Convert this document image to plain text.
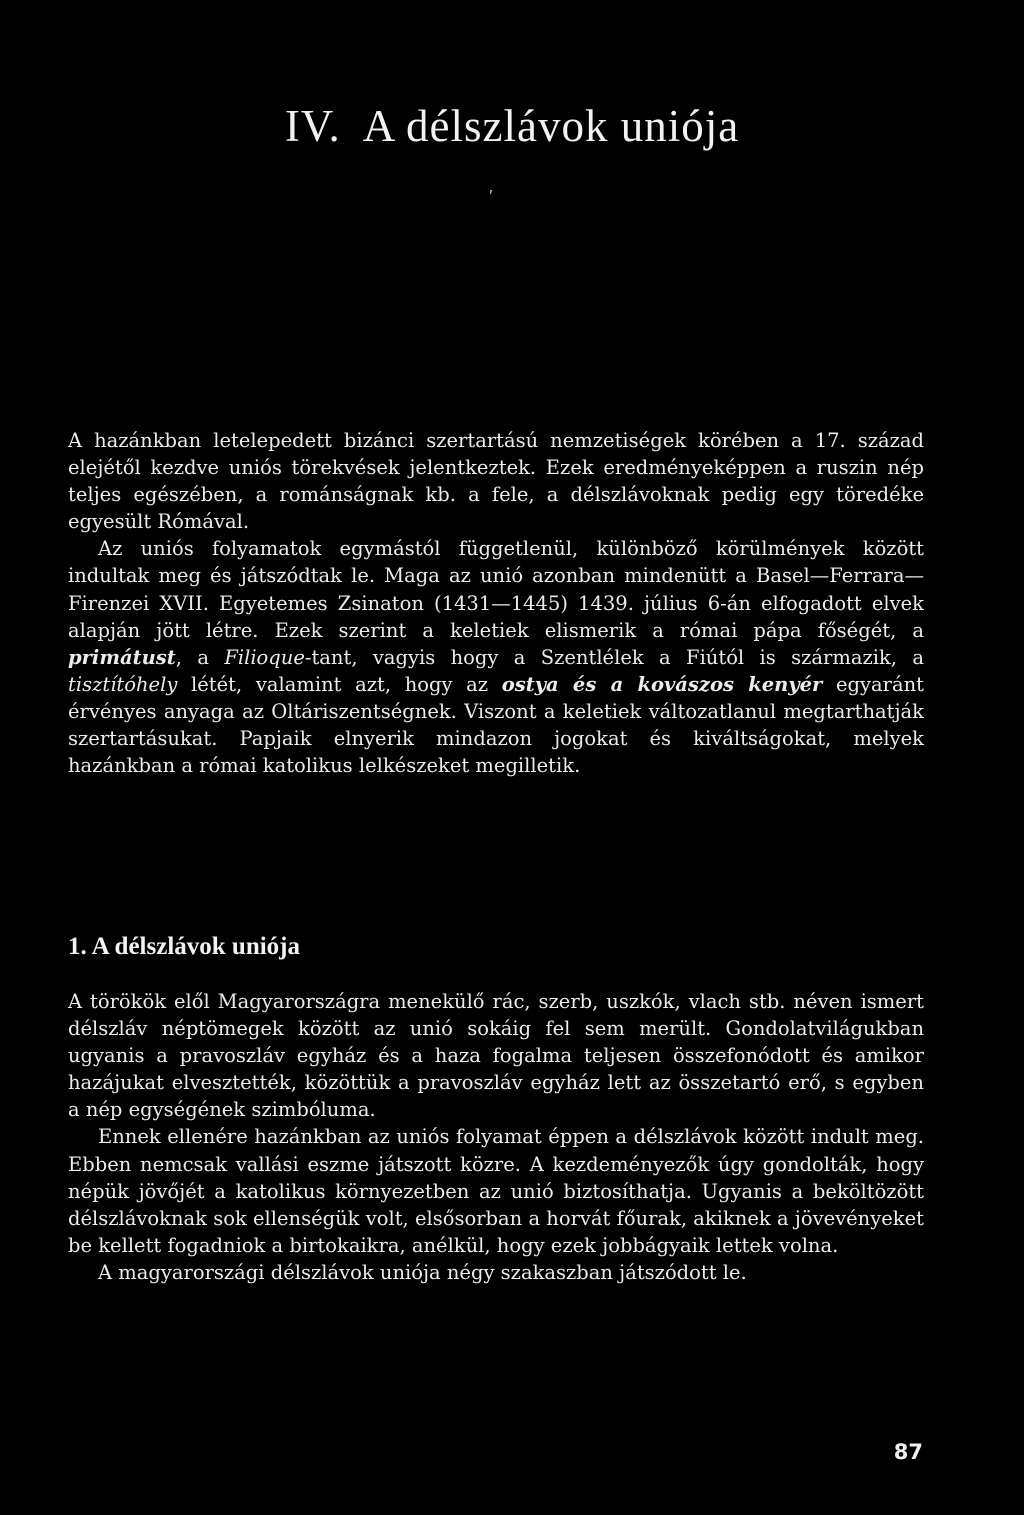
IV. A délszlávok uniója
'

A hazánkban letelepedett bizánci szertartású nemzetiségek körében a 17. század elejétől kezdve uniós törekvések jelentkeztek. Ezek eredményeképpen a ruszin nép teljes egészében, a románságnak kb. a fele, a délszlávoknak pedig egy töredéke egyesült Rómával.

Az uniós folyamatok egymástól függetlenül, különböző körülmények között indultak meg és játszódtak le. Maga az unió azonban mindenütt a Basel—Ferrara—Firenzei XVII. Egyetemes Zsinaton (1431—1445) 1439. július 6-án elfogadott elvek alapján jött létre. Ezek szerint a keletiek elismerik a római pápa főségét, a primátust, a Filioque-tant, vagyis hogy a Szentlélek a Fiútól is származik, a tisztítóhely létét, valamint azt, hogy az ostya és a kovászos kenyér egyaránt érvényes anyaga az Oltáriszentségnek. Viszont a keletiek változatlanul megtarthatják szertartásukat. Papjaik elnyerik mindazon jogokat és kiváltságokat, melyek hazánkban a római katolikus lelkészeket megilletik.

1. A délszlávok uniója

A törökök elől Magyarországra menekülő rác, szerb, uszkók, vlach stb. néven ismert délszláv néptömegek között az unió sokáig fel sem merült. Gondolatvilágukban ugyanis a pravoszláv egyház és a haza fogalma teljesen összefonódott és amikor hazájukat elvesztették, közöttük a pravoszláv egyház lett az összetartó erő, s egyben a nép egységének szimbóluma.

Ennek ellenére hazánkban az uniós folyamat éppen a délszlávok között indult meg. Ebben nemcsak vallási eszme játszott közre. A kezdeményezők úgy gondolták, hogy népük jövőjét a katolikus környezetben az unió biztosíthatja. Ugyanis a beköltözött délszlávoknak sok ellenségük volt, elsősorban a horvát főurak, akiknek a jövevényeket be kellett fogadniok a birtokaikra, anélkül, hogy ezek jobbágyaik lettek volna.

A magyarországi délszlávok uniója négy szakaszban játszódott le.

87
